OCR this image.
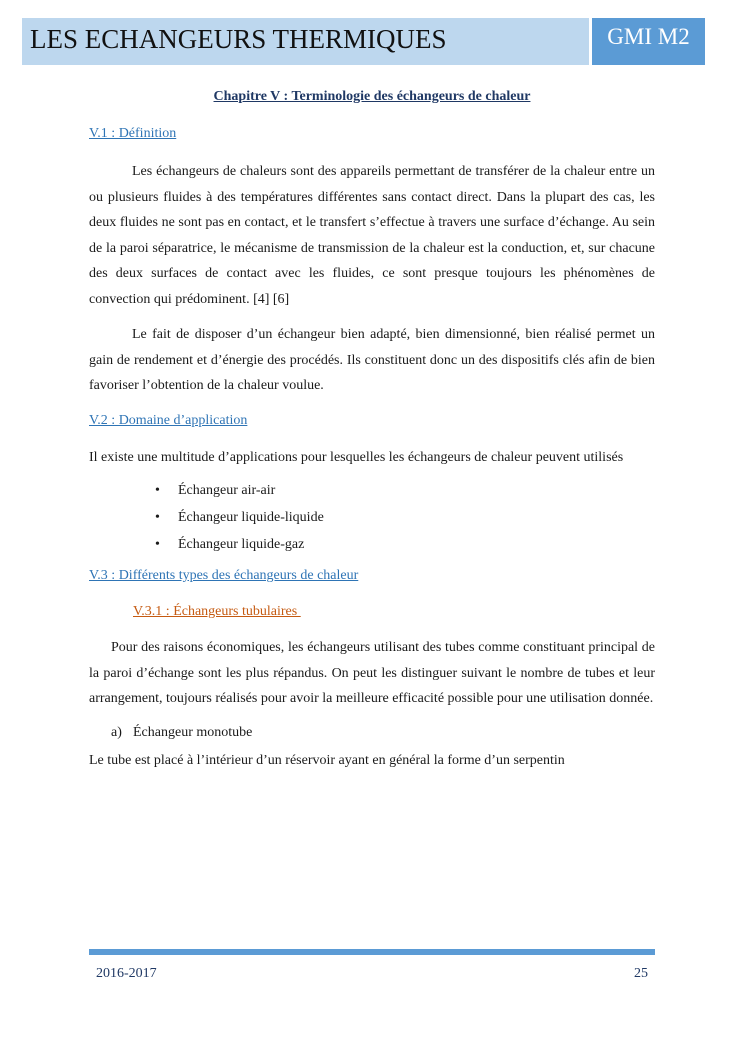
LES ECHANGEURS THERMIQUES	GMI M2

Chapitre V : Terminologie des échangeurs de chaleur

V.1 : Définition

Les échangeurs de chaleurs sont des appareils permettant de transférer de la chaleur entre un ou plusieurs fluides à des températures différentes sans contact direct. Dans la plupart des cas, les deux fluides ne sont pas en contact, et le transfert s’effectue à travers une surface d’échange. Au sein de la paroi séparatrice, le mécanisme de transmission de la chaleur est la conduction, et, sur chacune des deux surfaces de contact avec les fluides, ce sont presque toujours les phénomènes de convection qui prédominent. [4] [6]

Le fait de disposer d’un échangeur bien adapté, bien dimensionné, bien réalisé permet un gain de rendement et d’énergie des procédés. Ils constituent donc un des dispositifs clés afin de bien favoriser l’obtention de la chaleur voulue.

V.2 : Domaine d’application

Il existe une multitude d’applications pour lesquelles les échangeurs de chaleur peuvent utilisés

• Échangeur air-air
• Échangeur liquide-liquide
• Échangeur liquide-gaz

V.3 : Différents types des échangeurs de chaleur

V.3.1 : Échangeurs tubulaires

Pour des raisons économiques, les échangeurs utilisant des tubes comme constituant principal de la paroi d’échange sont les plus répandus. On peut les distinguer suivant le nombre de tubes et leur arrangement, toujours réalisés pour avoir la meilleure efficacité possible pour une utilisation donnée.

a) Échangeur monotube

Le tube est placé à l’intérieur d’un réservoir ayant en général la forme d’un serpentin

2016-2017	25
